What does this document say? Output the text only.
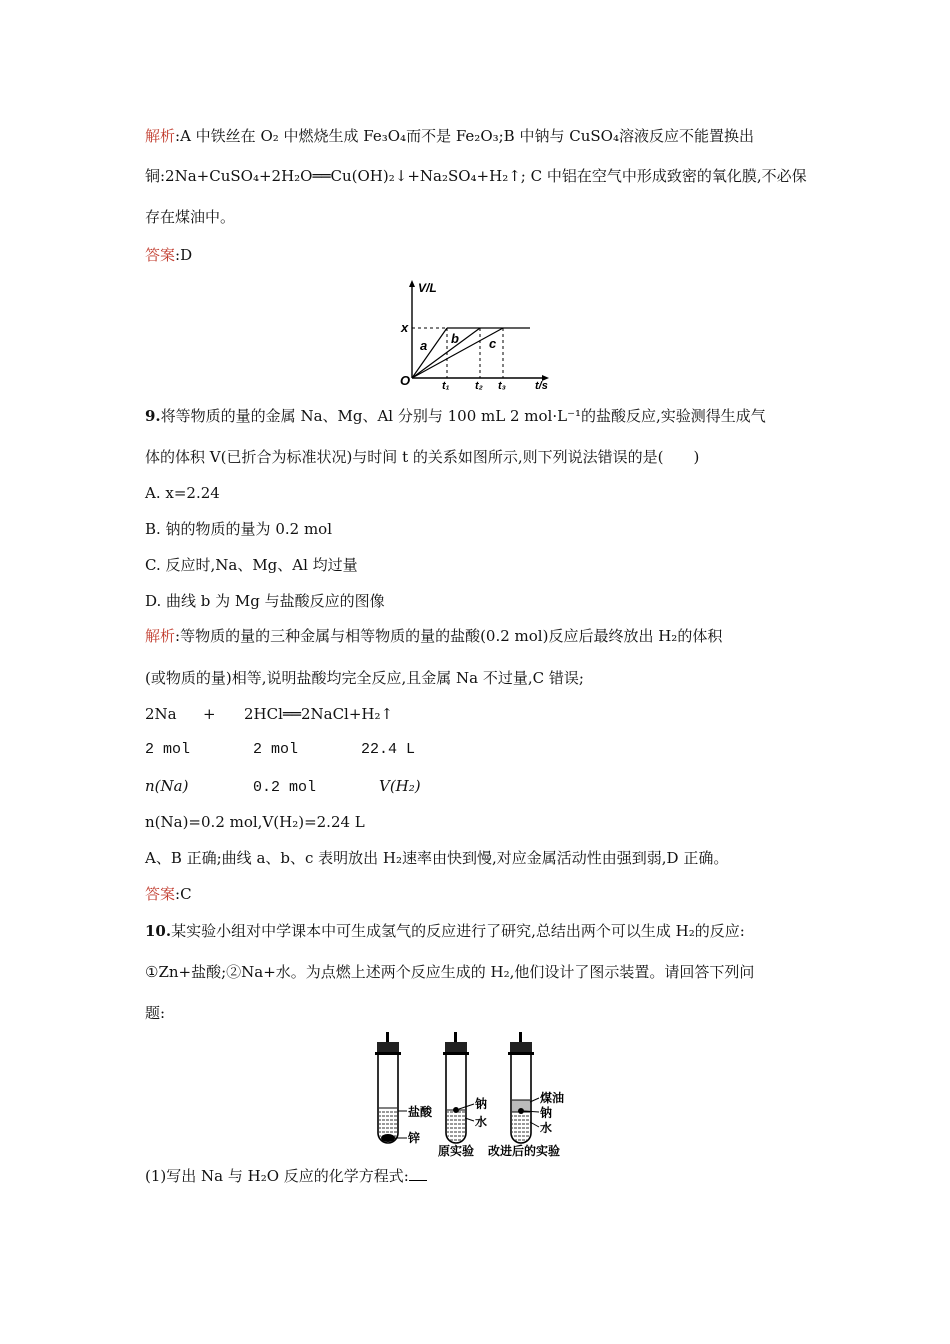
解析:A 中铁丝在 O₂ 中燃烧生成 Fe₃O₄而不是 Fe₂O₃;B 中钠与 CuSO₄溶液反应不能置换出
铜:2Na+CuSO₄+2H₂O══Cu(OH)₂↓+Na₂SO₄+H₂↑; C 中铝在空气中形成致密的氧化膜,不必保
存在煤油中。
答案:D
V/L
x
O
a b c
t₁ t₂ t₃	t/s
9.将等物质的量的金属 Na、Mg、Al 分别与 100 mL 2 mol·L⁻¹的盐酸反应,实验测得生成气
体的体积 V(已折合为标准状况)与时间 t 的关系如图所示,则下列说法错误的是(　　)
A. x=2.24
B. 钠的物质的量为 0.2 mol
C. 反应时,Na、Mg、Al 均过量
D. 曲线 b 为 Mg 与盐酸反应的图像
解析:等物质的量的三种金属与相等物质的量的盐酸(0.2 mol)反应后最终放出 H₂的体积
(或物质的量)相等,说明盐酸均完全反应,且金属 Na 不过量,C 错误;
2Na + 2HCl══2NaCl+H₂↑
2 mol	2 mol	22.4 L
n(Na)	0.2 mol	V(H₂)
n(Na)=0.2 mol,V(H₂)=2.24 L
A、B 正确;曲线 a、b、c 表明放出 H₂速率由快到慢,对应金属活动性由强到弱,D 正确。
答案:C
10.某实验小组对中学课本中可生成氢气的反应进行了研究,总结出两个可以生成 H₂的反应:
①Zn+盐酸;②Na+水。为点燃上述两个反应生成的 H₂,他们设计了图示装置。请回答下列问
题:
盐酸
锌
钠
水
煤油
钠
水
原实验 改进后的实验
(1)写出 Na 与 H₂O 反应的化学方程式:
